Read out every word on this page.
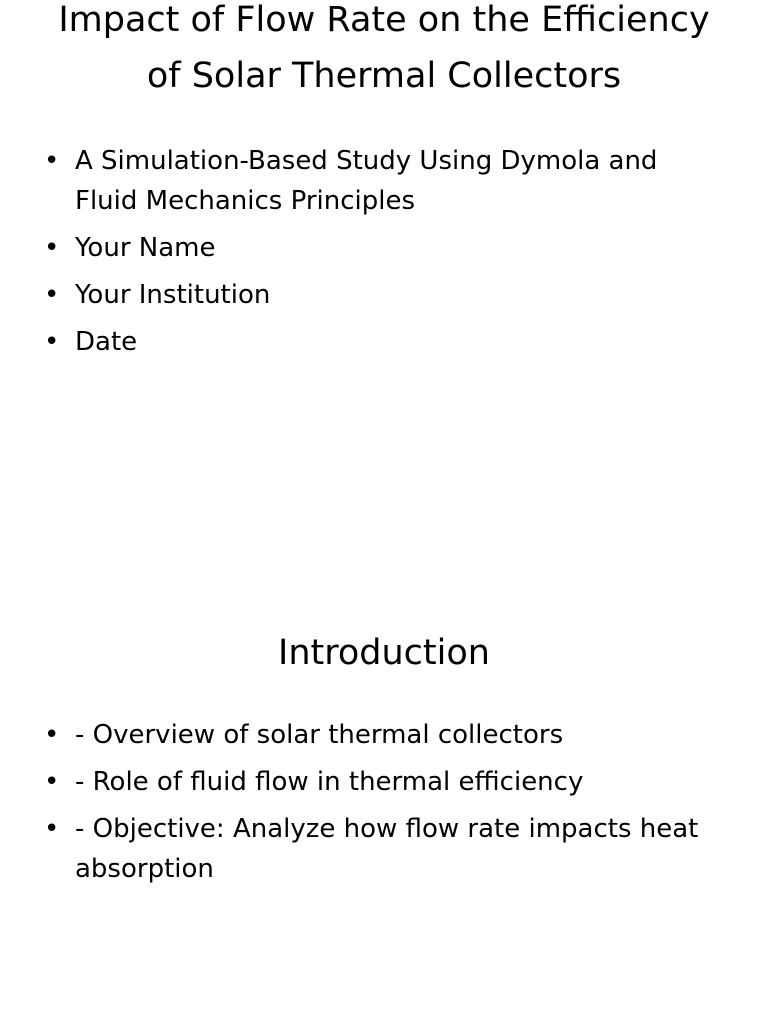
Impact of Flow Rate on the Efficiency of Solar Thermal Collectors
• A Simulation-Based Study Using Dymola and Fluid Mechanics Principles
• Your Name
• Your Institution
• Date
Introduction
• - Overview of solar thermal collectors
• - Role of fluid flow in thermal efficiency
• - Objective: Analyze how flow rate impacts heat absorption
